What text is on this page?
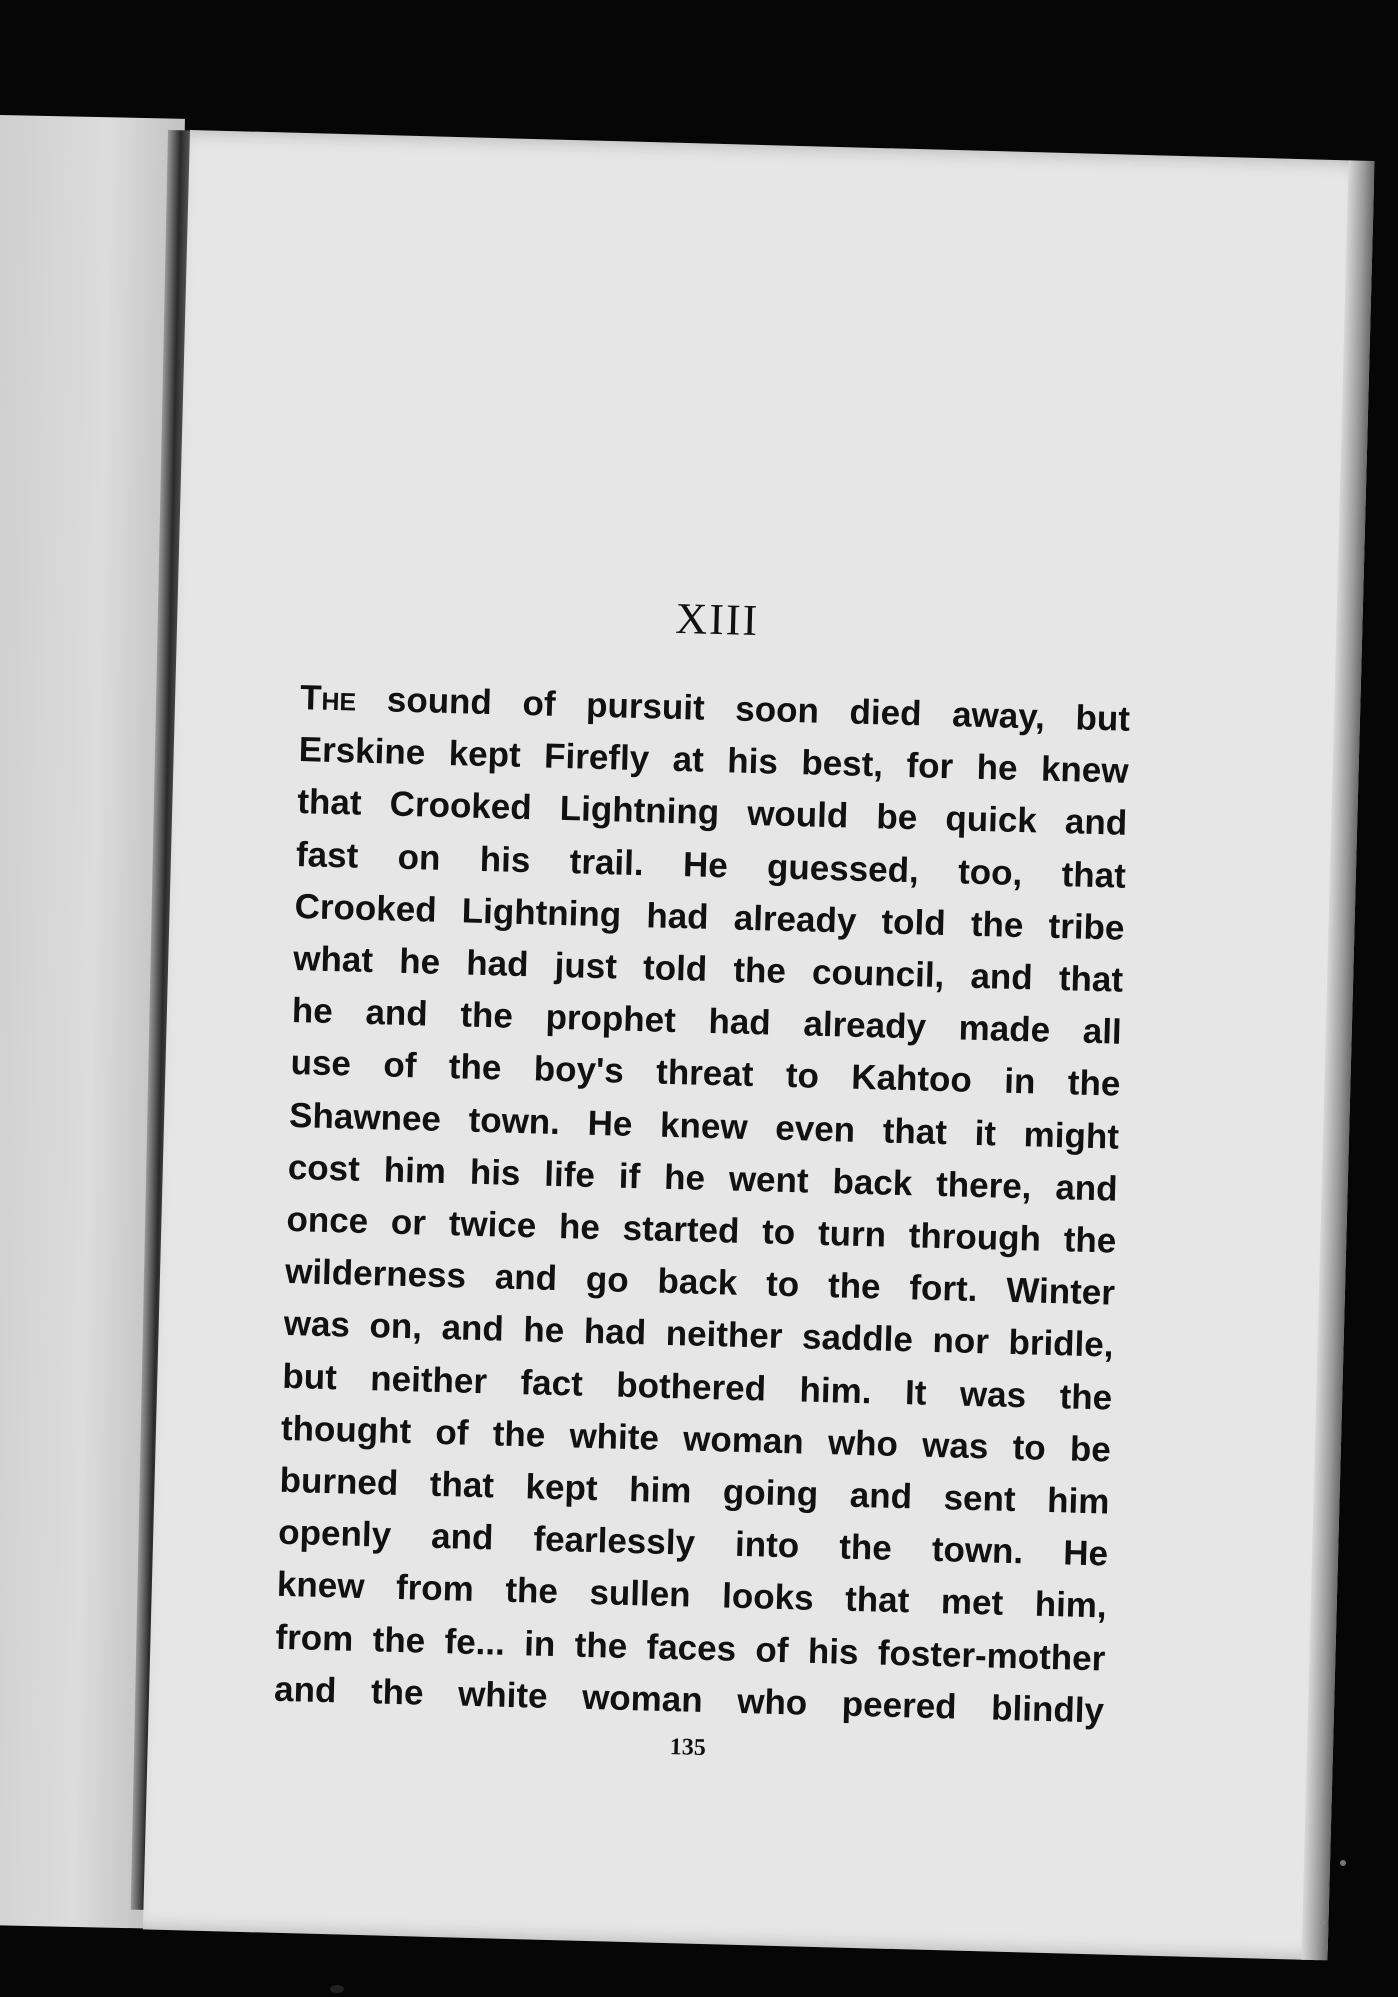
XIII
The sound of pursuit soon died away, but
Erskine kept Firefly at his best, for he knew
that Crooked Lightning would be quick and
fast on his trail. He guessed, too, that
Crooked Lightning had already told the tribe
what he had just told the council, and that
he and the prophet had already made all
use of the boy's threat to Kahtoo in the
Shawnee town. He knew even that it might
cost him his life if he went back there, and
once or twice he started to turn through the
wilderness and go back to the fort. Winter
was on, and he had neither saddle nor bridle,
but neither fact bothered him. It was the
thought of the white woman who was to be
burned that kept him going and sent him
openly and fearlessly into the town. He
knew from the sullen looks that met him,
from the fe... in the faces of his foster-mother
and the white woman who peered blindly
135
